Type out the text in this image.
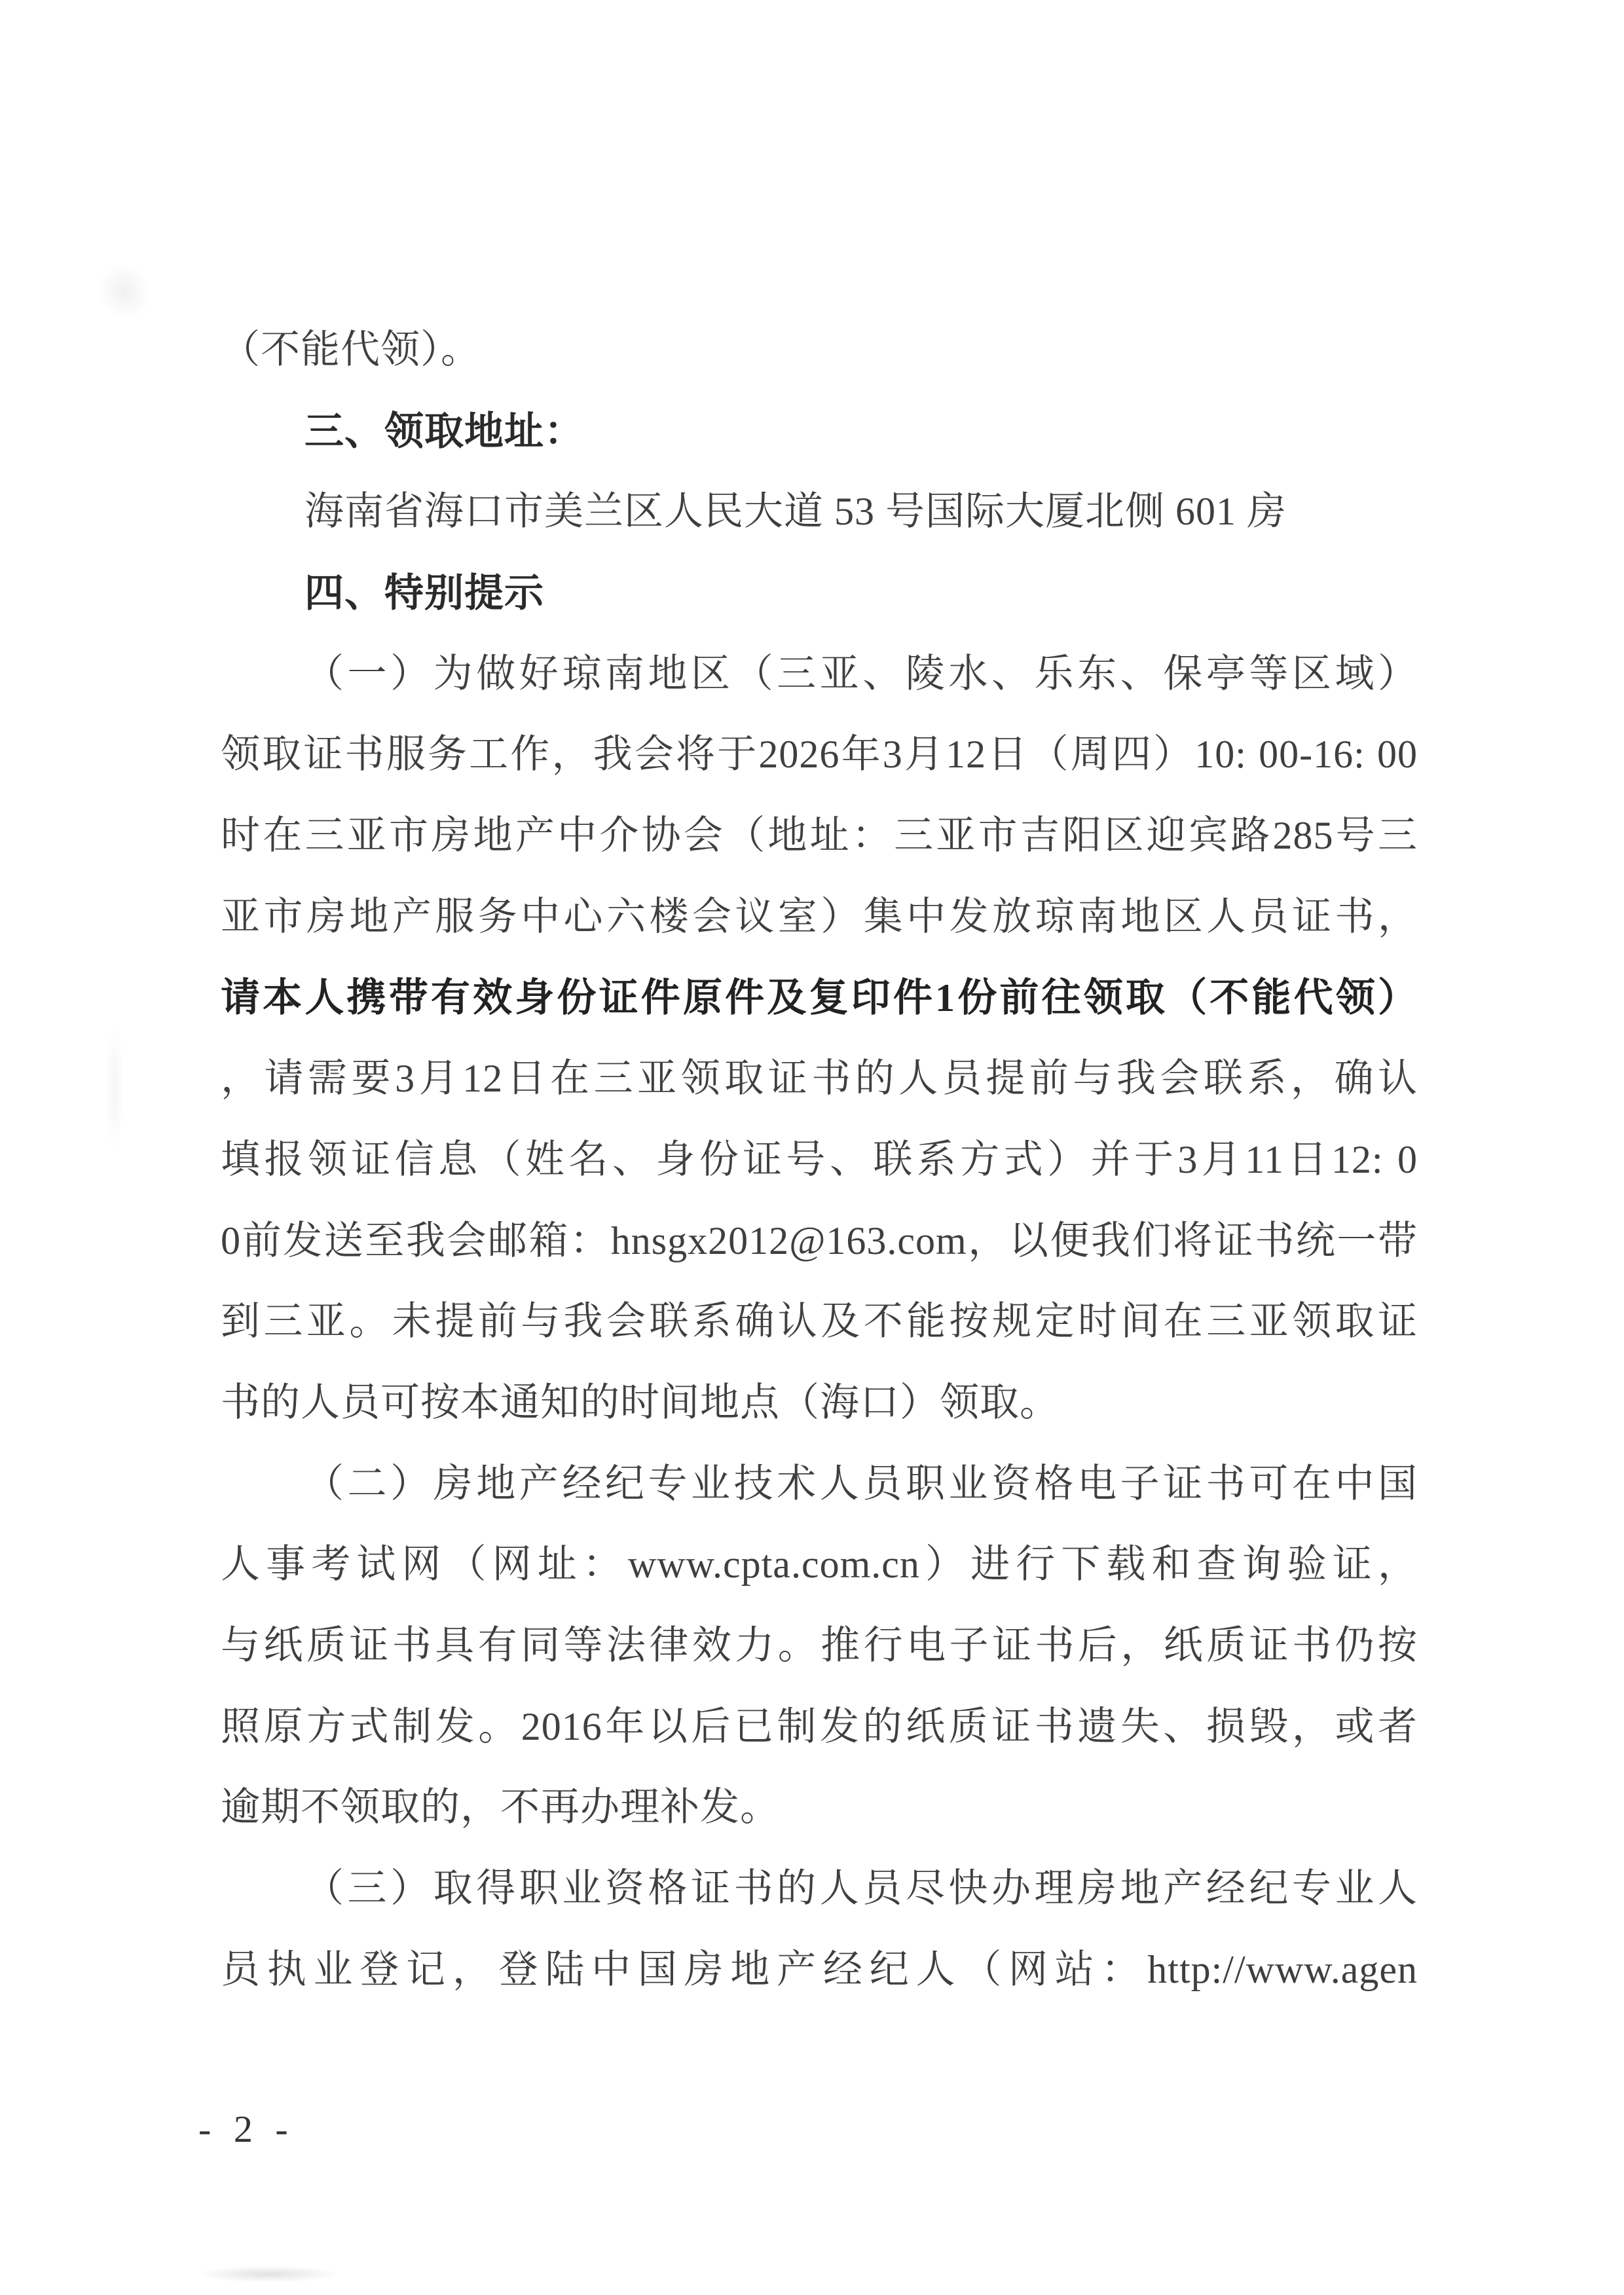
（不能代领）。
三、领取地址：
海南省海口市美兰区人民大道 53 号国际大厦北侧 601 房
四、特别提示
（一）为做好琼南地区（三亚、陵水、乐东、保亭等区域）
领取证书服务工作，我会将于2026年3月12日（周四）10: 00-16: 00
时在三亚市房地产中介协会（地址：三亚市吉阳区迎宾路285号三
亚市房地产服务中心六楼会议室）集中发放琼南地区人员证书，
请本人携带有效身份证件原件及复印件1份前往领取（不能代领）
，请需要3月12日在三亚领取证书的人员提前与我会联系，确认
填报领证信息（姓名、身份证号、联系方式）并于3月11日12: 0
0前发送至我会邮箱：hnsgx2012@163.com，以便我们将证书统一带
到三亚。未提前与我会联系确认及不能按规定时间在三亚领取证
书的人员可按本通知的时间地点（海口）领取。
（二）房地产经纪专业技术人员职业资格电子证书可在中国
人事考试网（网址：www.cpta.com.cn）进行下载和查询验证，
与纸质证书具有同等法律效力。推行电子证书后，纸质证书仍按
照原方式制发。2016年以后已制发的纸质证书遗失、损毁，或者
逾期不领取的，不再办理补发。
（三）取得职业资格证书的人员尽快办理房地产经纪专业人
员执业登记，登陆中国房地产经纪人（网站：http://www.agen
- 2 -
